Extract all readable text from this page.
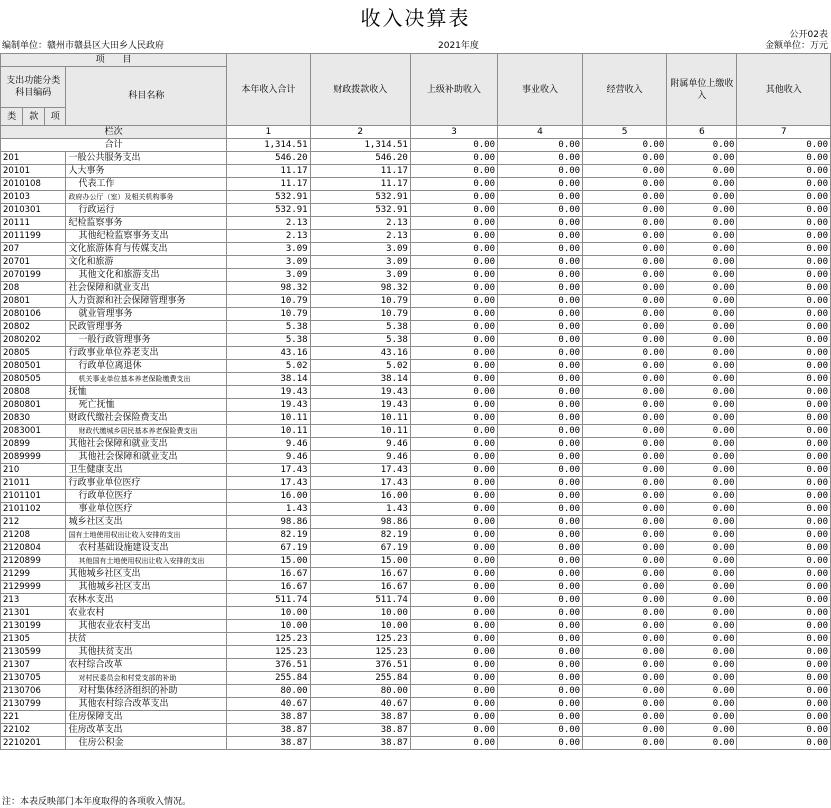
收入决算表
公开02表
编制单位：赣州市赣县区大田乡人民政府	2021年度	金额单位：万元
项　　目				本年收入合计	财政拨款收入	上级补助收入	事业收入	经营收入	附属单位上缴收入	其他收入
支出功能分类科目编码			科目名称							
类	款	项								
栏次				1	2	3	4	5	6	7
合计				1,314.51	1,314.51	0.00	0.00	0.00	0.00	0.00
201			一般公共服务支出	546.20	546.20	0.00	0.00	0.00	0.00	0.00
20101			人大事务	11.17	11.17	0.00	0.00	0.00	0.00	0.00
2010108			代表工作	11.17	11.17	0.00	0.00	0.00	0.00	0.00
20103			政府办公厅（室）及相关机构事务	532.91	532.91	0.00	0.00	0.00	0.00	0.00
2010301			行政运行	532.91	532.91	0.00	0.00	0.00	0.00	0.00
20111			纪检监察事务	2.13	2.13	0.00	0.00	0.00	0.00	0.00
2011199			其他纪检监察事务支出	2.13	2.13	0.00	0.00	0.00	0.00	0.00
207			文化旅游体育与传媒支出	3.09	3.09	0.00	0.00	0.00	0.00	0.00
20701			文化和旅游	3.09	3.09	0.00	0.00	0.00	0.00	0.00
2070199			其他文化和旅游支出	3.09	3.09	0.00	0.00	0.00	0.00	0.00
208			社会保障和就业支出	98.32	98.32	0.00	0.00	0.00	0.00	0.00
20801			人力资源和社会保障管理事务	10.79	10.79	0.00	0.00	0.00	0.00	0.00
2080106			就业管理事务	10.79	10.79	0.00	0.00	0.00	0.00	0.00
20802			民政管理事务	5.38	5.38	0.00	0.00	0.00	0.00	0.00
2080202			一般行政管理事务	5.38	5.38	0.00	0.00	0.00	0.00	0.00
20805			行政事业单位养老支出	43.16	43.16	0.00	0.00	0.00	0.00	0.00
2080501			行政单位离退休	5.02	5.02	0.00	0.00	0.00	0.00	0.00
2080505			机关事业单位基本养老保险缴费支出	38.14	38.14	0.00	0.00	0.00	0.00	0.00
20808			抚恤	19.43	19.43	0.00	0.00	0.00	0.00	0.00
2080801			死亡抚恤	19.43	19.43	0.00	0.00	0.00	0.00	0.00
20830			财政代缴社会保险费支出	10.11	10.11	0.00	0.00	0.00	0.00	0.00
2083001			财政代缴城乡居民基本养老保险费支出	10.11	10.11	0.00	0.00	0.00	0.00	0.00
20899			其他社会保障和就业支出	9.46	9.46	0.00	0.00	0.00	0.00	0.00
2089999			其他社会保障和就业支出	9.46	9.46	0.00	0.00	0.00	0.00	0.00
210			卫生健康支出	17.43	17.43	0.00	0.00	0.00	0.00	0.00
21011			行政事业单位医疗	17.43	17.43	0.00	0.00	0.00	0.00	0.00
2101101			行政单位医疗	16.00	16.00	0.00	0.00	0.00	0.00	0.00
2101102			事业单位医疗	1.43	1.43	0.00	0.00	0.00	0.00	0.00
212			城乡社区支出	98.86	98.86	0.00	0.00	0.00	0.00	0.00
21208			国有土地使用权出让收入安排的支出	82.19	82.19	0.00	0.00	0.00	0.00	0.00
2120804			农村基础设施建设支出	67.19	67.19	0.00	0.00	0.00	0.00	0.00
2120899			其他国有土地使用权出让收入安排的支出	15.00	15.00	0.00	0.00	0.00	0.00	0.00
21299			其他城乡社区支出	16.67	16.67	0.00	0.00	0.00	0.00	0.00
2129999			其他城乡社区支出	16.67	16.67	0.00	0.00	0.00	0.00	0.00
213			农林水支出	511.74	511.74	0.00	0.00	0.00	0.00	0.00
21301			农业农村	10.00	10.00	0.00	0.00	0.00	0.00	0.00
2130199			其他农业农村支出	10.00	10.00	0.00	0.00	0.00	0.00	0.00
21305			扶贫	125.23	125.23	0.00	0.00	0.00	0.00	0.00
2130599			其他扶贫支出	125.23	125.23	0.00	0.00	0.00	0.00	0.00
21307			农村综合改革	376.51	376.51	0.00	0.00	0.00	0.00	0.00
2130705			对村民委员会和村党支部的补助	255.84	255.84	0.00	0.00	0.00	0.00	0.00
2130706			对村集体经济组织的补助	80.00	80.00	0.00	0.00	0.00	0.00	0.00
2130799			其他农村综合改革支出	40.67	40.67	0.00	0.00	0.00	0.00	0.00
221			住房保障支出	38.87	38.87	0.00	0.00	0.00	0.00	0.00
22102			住房改革支出	38.87	38.87	0.00	0.00	0.00	0.00	0.00
2210201			住房公积金	38.87	38.87	0.00	0.00	0.00	0.00	0.00
注：本表反映部门本年度取得的各项收入情况。
